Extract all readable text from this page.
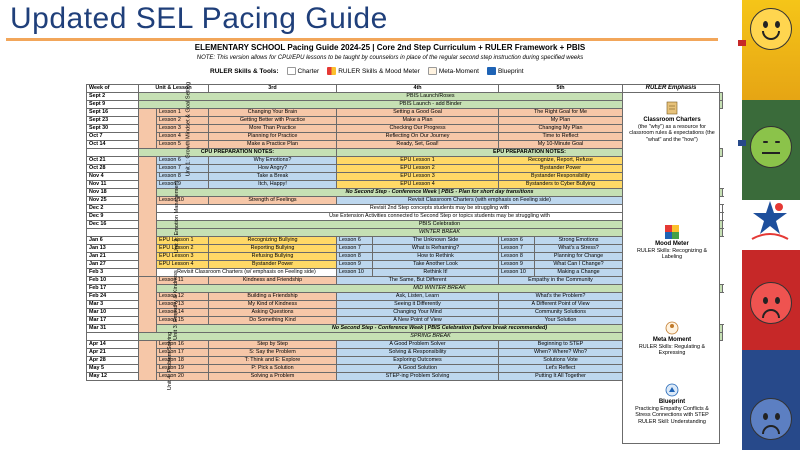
Updated SEL Pacing Guide
ELEMENTARY SCHOOL Pacing Guide 2024-25 | Core 2nd Step Curriculum + RULER Framework + PBIS
NOTE: This version allows for CPU/EPU lessons to be taught by counselors in place of the regular second step instruction during specified weeks
RULER Skills & Tools:	Charter	RULER Skills & Mood Meter	Meta-Moment	Blueprint
Week of	Unit & Lesson		3rd	4th		5th			
Sept 2	PBIS Launch/Roses								
Sept 9	PBIS Launch - add Binder								
Sept 16	Unit 1: Growth Mindset & Goal Setting	Lesson 1	Changing Your Brain	Setting a Good Goal		The Right Goal for Me			
Sept 23		Lesson 2	Getting Better with Practice	Make a Plan		My Plan			
Sept 30		Lesson 3	More Than Practice	Checking Our Progress		Changing My Plan			
Oct 7		Lesson 4	Planning for Practice	Reflecting On Our Journey		Time to Reflect			
Oct 14		Lesson 5	Make a Practice Plan	Ready, Set, Goal!		My 10-Minute Goal			
	CPU PREPARATION NOTES:			EPU PREPARATION NOTES:					
Oct 21	Unit 2: Emotion Management	Lesson 6	Why Emotions?	EPU Lesson 1		Recognize, Report, Refuse			
Oct 28		Lesson 7	How Angry?	EPU Lesson 2		Bystander Power			
Nov 4		Lesson 8	Take a Break	EPU Lesson 3		Bystander Responsibility			
Nov 11		Lesson 9	Itch, Happy!	EPU Lesson 4		Bystanders to Cyber Bullying			
Nov 18		No Second Step - Conference Week | PBIS - Plan for short day transitions							
Nov 25		Lesson 10	Strength of Feelings	Revisit Classroom Charters (with emphasis on Feeling side)					
Dec 2		Revisit 2nd Step concepts students may be struggling with							
Dec 9		Use Extension Activities connected to Second Step or topics students may be struggling with							
Dec 16		PBIS Celebration							
		WINTER BREAK							
Jan 6		EPU Lesson 1	Recognizing Bullying	Lesson 6	The Unknown Side	Lesson 6	Strong Emotions		
Jan 13		EPU Lesson 2	Reporting Bullying	Lesson 7	What is Reframing?	Lesson 7	What's a Stress?		
Jan 21		EPU Lesson 3	Refusing Bullying	Lesson 8	How to Rethink	Lesson 8	Planning for Change		
Jan 27		EPU Lesson 4	Bystander Power	Lesson 9	Take Another Look	Lesson 9	What Can I Change?		
Feb 3		Revisit Classroom Charters (w/ emphasis on Feeling side)		Lesson 10	Rethink It!	Lesson 10	Making a Change		
Feb 10	Unit 3: Empathy & Kindness	Lesson 11	Kindness and Friendship	The Same, But Different		Empathy in the Community			
Feb 17		MID WINTER BREAK							
Feb 24		Lesson 12	Building a Friendship	Ask, Listen, Learn		What's the Problem?			
Mar 3		Lesson 13	My Kind of Kindness	Seeing it Differently		A Different Point of View			
Mar 10		Lesson 14	Asking Questions	Changing Your Mind		Community Solutions			
Mar 17		Lesson 15	Do Something Kind	A New Point of View		Your Solution			
Mar 31		No Second Step - Conference Week | PBIS Celebration (before break recommended)							
	SPRING BREAK								
Apr 14	Unit 4: Problem Solving	Lesson 16	Step by Step	A Good Problem Solver		Beginning to STEP			
Apr 21		Lesson 17	S: Say the Problem	Solving & Responsibility		When? Where? Who?			
Apr 28		Lesson 18	T: Think and E: Explore	Exploring Outcomes		Solutions Vote			
May 5		Lesson 19	P: Pick a Solution	A Good Solution		Let's Reflect			
May 12		Lesson 20	Solving a Problem	STEP-ing Problem Solving		Putting It All Together			
RULER Emphasis
Classroom Charters
(the "why") as a resource for classroom rules & expectations (the "what" and the "how")
Mood Meter
RULER Skills: Recognizing & Labeling
Meta Moment
RULER Skills: Regulating & Expressing
Blueprint
Practicing Empathy Conflicts & Stress Connections with STEP RULER Skill: Understanding
